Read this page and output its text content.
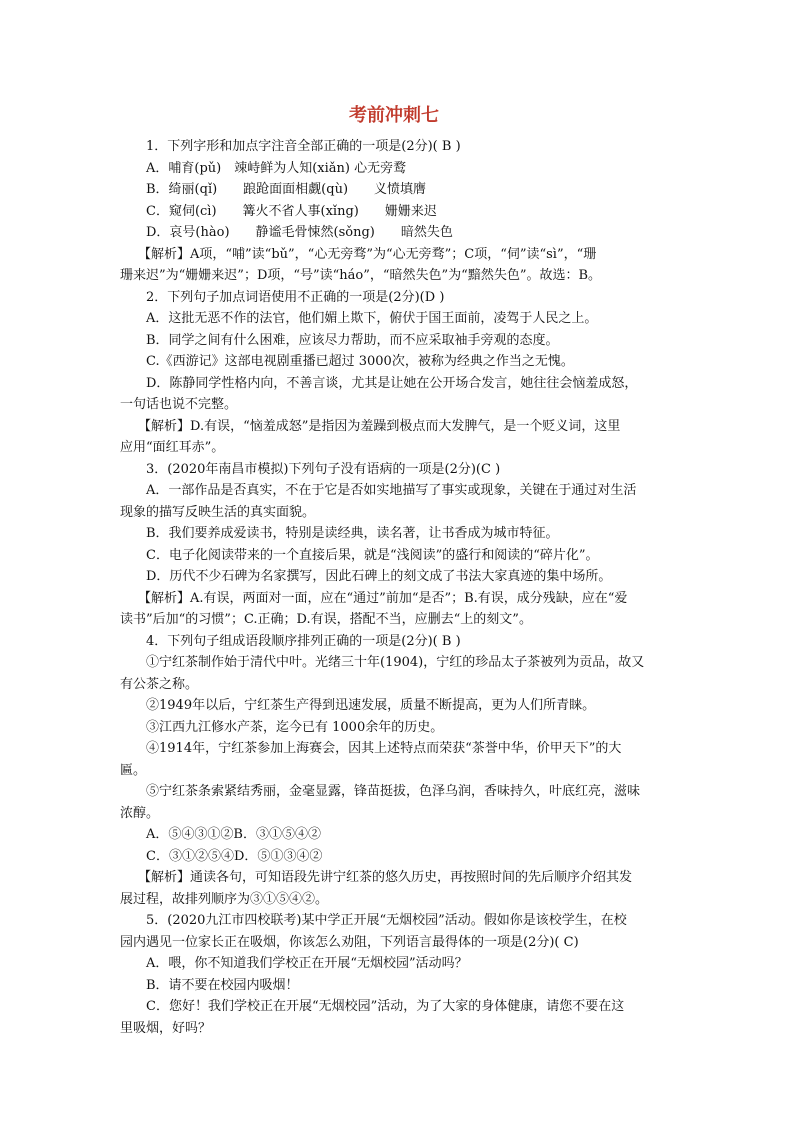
考前冲刺七

1．下列字形和加点字注音全部正确的一项是(2分)( B )

A．哺育(pǔ)　竦峙鲜为人知(xiǎn) 心无旁鹜

B．绮丽(qǐ)　　踉跄面面相觑(qù)　　义愤填膺

C．窥伺(cì)　　篝火不省人事(xǐng)　　姗姗来迟

D．哀号(hào)　　静谧毛骨悚然(sǒng)　　暗然失色

【解析】A项，“哺”读“bǔ”，“心无旁骛”为“心无旁骛”；C项，“伺”读“sì”，“珊

珊来迟”为“姗姗来迟”；D项，“号”读“háo”，“暗然失色”为“黯然失色”。故选：B。

2．下列句子加点词语使用不正确的一项是(2分)(D )

A．这批无恶不作的法官，他们媚上欺下，俯伏于国王面前，凌驾于人民之上。

B．同学之间有什么困难，应该尽力帮助，而不应采取袖手旁观的态度。

C.《西游记》这部电视剧重播已超过 3000次，被称为经典之作当之无愧。

D．陈静同学性格内向，不善言谈，尤其是让她在公开场合发言，她往往会恼羞成怒，

一句话也说不完整。

【解析】D.有误，“恼羞成怒”是指因为羞躁到极点而大发脾气，是一个贬义词，这里

应用“面红耳赤”。

3．(2020年南昌市模拟)下列句子没有语病的一项是(2分)(C )

A．一部作品是否真实，不在于它是否如实地描写了事实或现象，关键在于通过对生活

现象的描写反映生活的真实面貌。

B．我们要养成爱读书，特别是读经典，读名著，让书香成为城市特征。

C．电子化阅读带来的一个直接后果，就是“浅阅读”的盛行和阅读的“碎片化”。

D．历代不少石碑为名家撰写，因此石碑上的刻文成了书法大家真迹的集中场所。

【解析】A.有误，两面对一面，应在“通过”前加“是否”；B.有误，成分残缺，应在“爱

读书”后加“的习惯”；C.正确；D.有误，搭配不当，应删去“上的刻文”。

4．下列句子组成语段顺序排列正确的一项是(2分)( B )

①宁红茶制作始于清代中叶。光绪三十年(1904)，宁红的珍品太子茶被列为贡品，故又

有公茶之称。

②1949年以后，宁红茶生产得到迅速发展，质量不断提高，更为人们所青睐。

③江西九江修水产茶，迄今已有 1000余年的历史。

④1914年，宁红茶参加上海赛会，因其上述特点而荣获“茶誉中华，价甲天下”的大

匾。

⑤宁红茶条索紧结秀丽，金毫显露，锋苗挺拔，色泽乌润，香味持久，叶底红亮，滋味

浓醇。

A．⑤④③①②B．③①⑤④②

C．③①②⑤④D．⑤①③④②

【解析】通读各句，可知语段先讲宁红茶的悠久历史，再按照时间的先后顺序介绍其发

展过程，故排列顺序为③①⑤④②。

5．(2020九江市四校联考)某中学正开展“无烟校园”活动。假如你是该校学生，在校

园内遇见一位家长正在吸烟，你该怎么劝阻，下列语言最得体的一项是(2分)( C)

A．喂，你不知道我们学校正在开展“无烟校园”活动吗？

B．请不要在校园内吸烟！

C．您好！我们学校正在开展“无烟校园”活动，为了大家的身体健康，请您不要在这

里吸烟，好吗？
